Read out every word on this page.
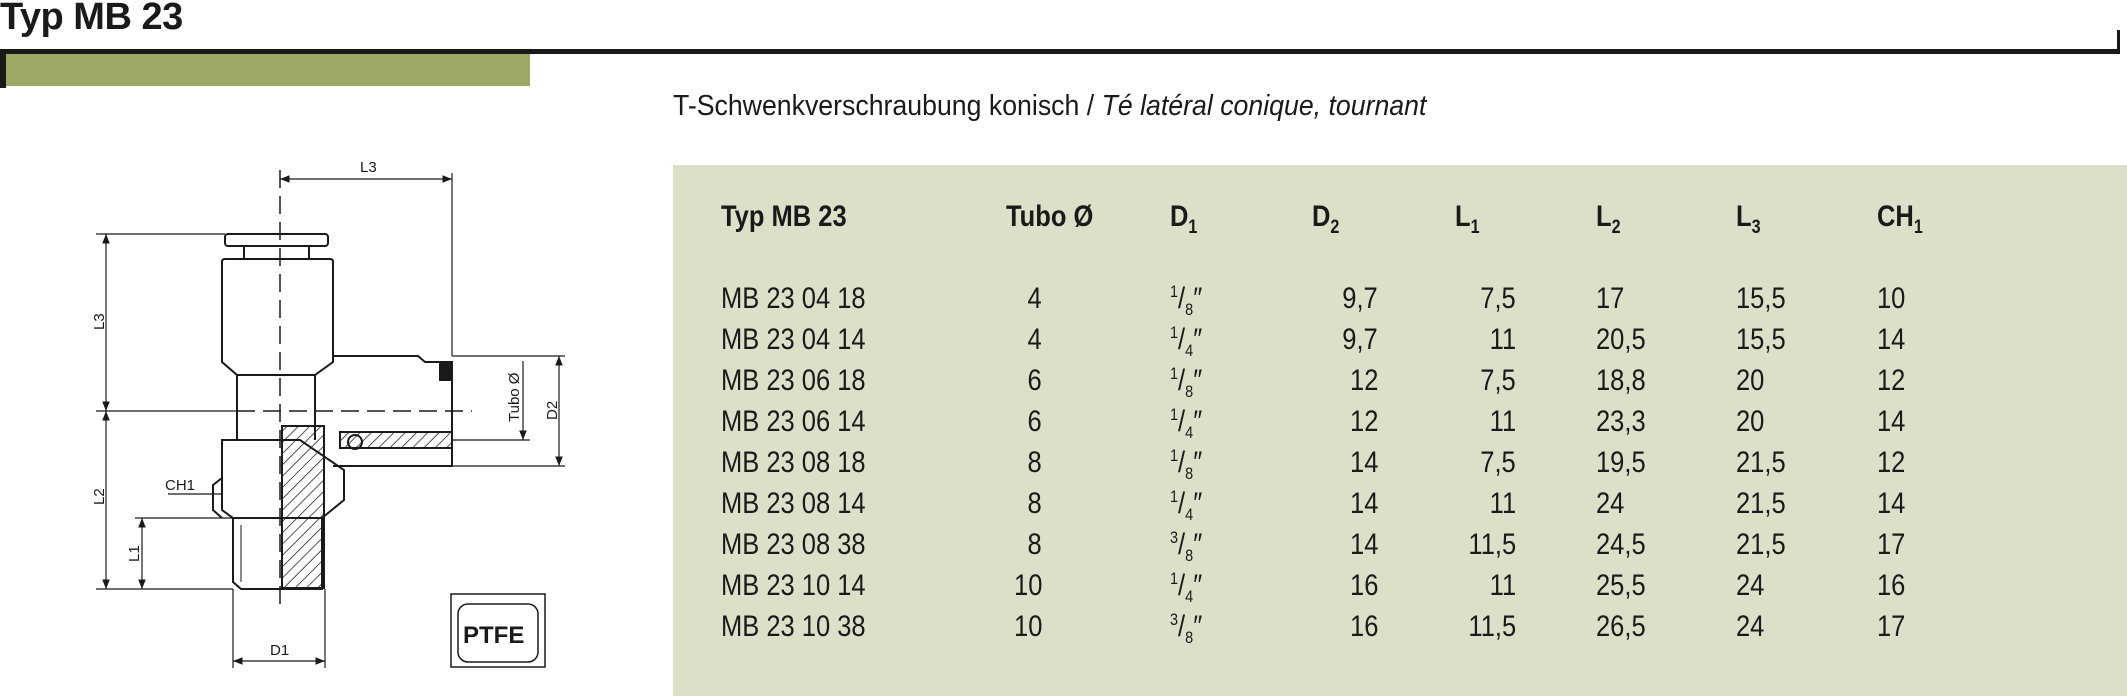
Typ MB 23
T-Schwenkverschraubung konisch / Té latéral conique, tournant
L3
L3
L2
L1
D1
D2
CH1
Tubo Ø
PTFE
Typ MB 23	Tubo Ø	$D_1$	$D_2$	$L_1$	$L_2$	$L_3$	$CH_1$
MB 23 04 18	4	$^1/_8''$	9,7	7,5	17	15,5	10
MB 23 04 14	4	$^1/_4''$	9,7	11	20,5	15,5	14
MB 23 06 18	6	$^1/_8''$	12	7,5	18,8	20	12
MB 23 06 14	6	$^1/_4''$	12	11	23,3	20	14
MB 23 08 18	8	$^1/_8''$	14	7,5	19,5	21,5	12
MB 23 08 14	8	$^1/_4''$	14	11	24	21,5	14
MB 23 08 38	8	$^3/_8''$	14	11,5	24,5	21,5	17
MB 23 10 14	10	$^1/_4''$	16	11	25,5	24	16
MB 23 10 38	10	$^3/_8''$	16	11,5	26,5	24	17
